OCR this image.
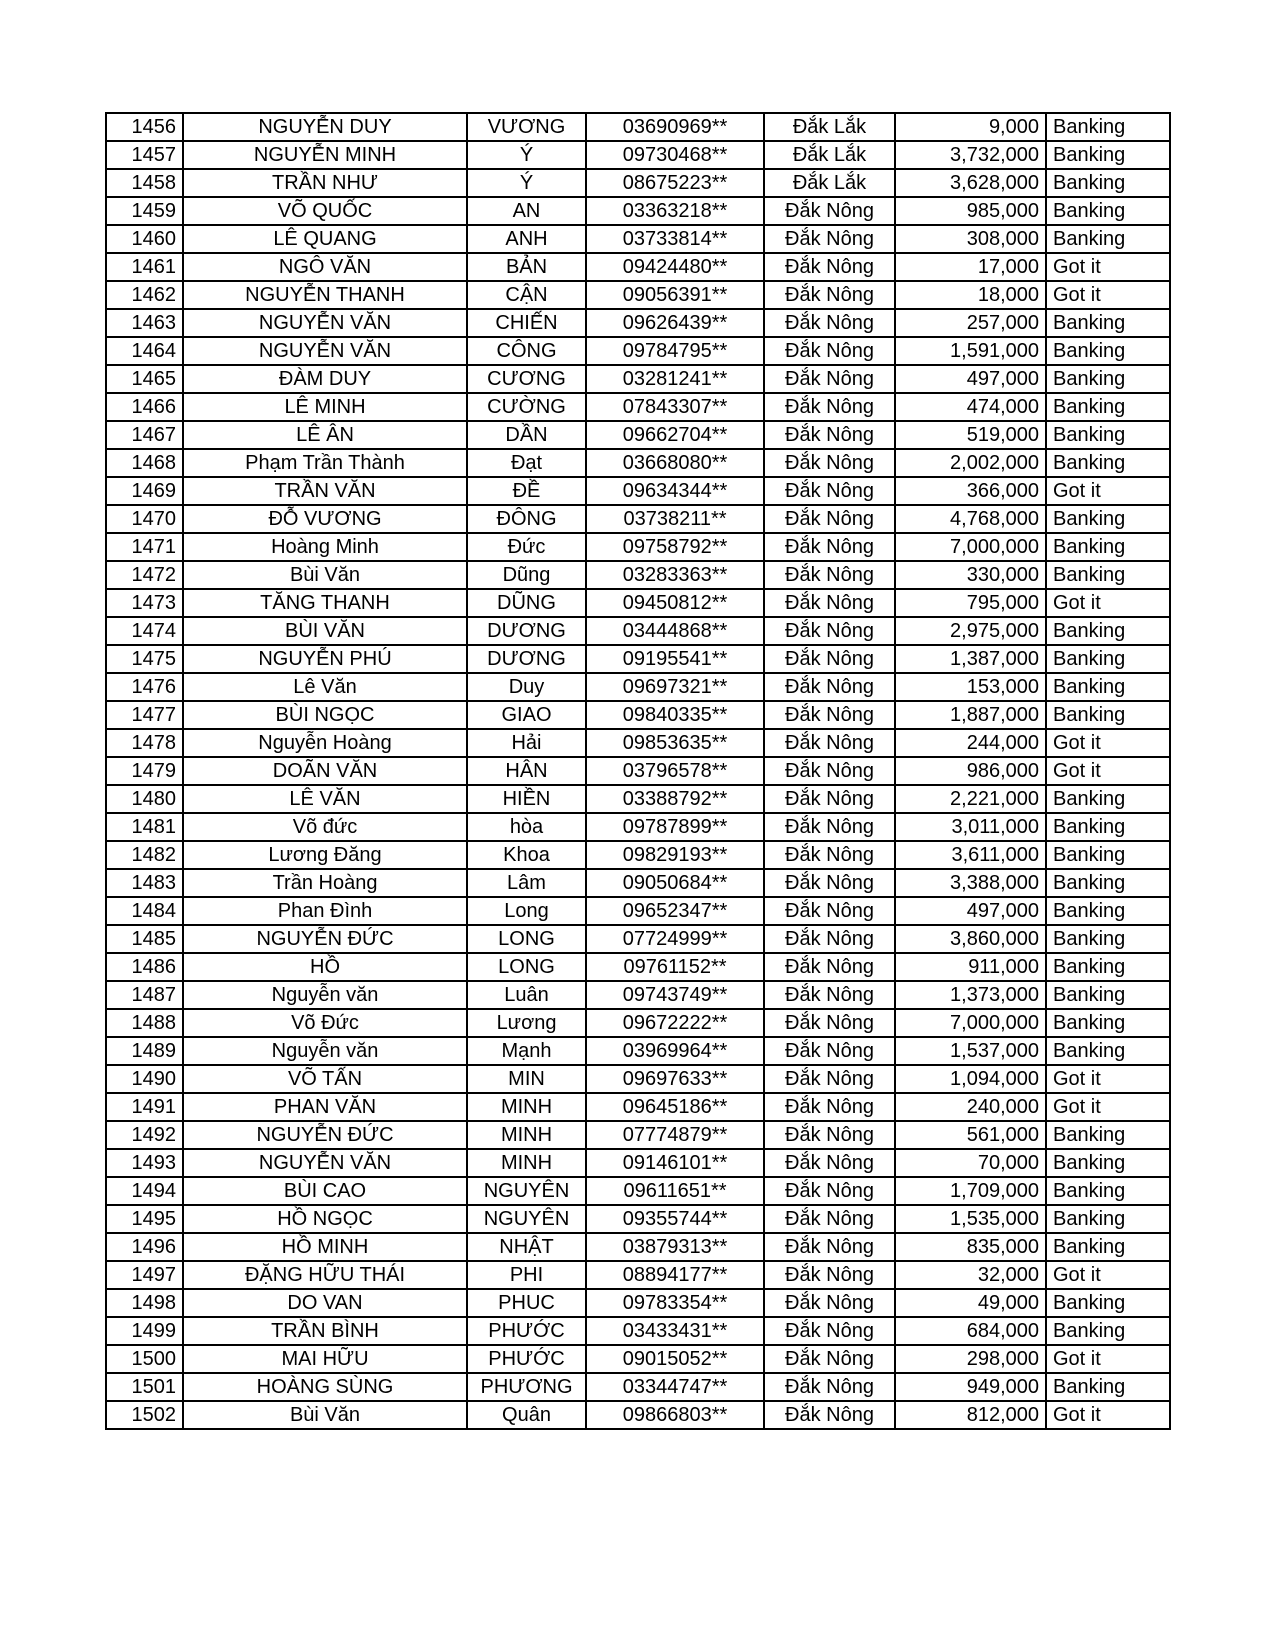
1456	NGUYỄN DUY	VƯƠNG	03690969**	Đắk Lắk	9,000	Banking
1457	NGUYỄN MINH	Ý	09730468**	Đắk Lắk	3,732,000	Banking
1458	TRẦN NHƯ	Ý	08675223**	Đắk Lắk	3,628,000	Banking
1459	VÕ QUỐC	AN	03363218**	Đắk Nông	985,000	Banking
1460	LÊ QUANG	ANH	03733814**	Đắk Nông	308,000	Banking
1461	NGÔ VĂN	BẢN	09424480**	Đắk Nông	17,000	Got it
1462	NGUYỄN THANH	CẬN	09056391**	Đắk Nông	18,000	Got it
1463	NGUYỄN VĂN	CHIẾN	09626439**	Đắk Nông	257,000	Banking
1464	NGUYỄN VĂN	CÔNG	09784795**	Đắk Nông	1,591,000	Banking
1465	ĐÀM DUY	CƯƠNG	03281241**	Đắk Nông	497,000	Banking
1466	LÊ MINH	CƯỜNG	07843307**	Đắk Nông	474,000	Banking
1467	LÊ ÂN	DẦN	09662704**	Đắk Nông	519,000	Banking
1468	Phạm Trần Thành	Đạt	03668080**	Đắk Nông	2,002,000	Banking
1469	TRẦN VĂN	ĐỀ	09634344**	Đắk Nông	366,000	Got it
1470	ĐỖ VƯƠNG	ĐÔNG	03738211**	Đắk Nông	4,768,000	Banking
1471	Hoàng Minh	Đức	09758792**	Đắk Nông	7,000,000	Banking
1472	Bùi Văn	Dũng	03283363**	Đắk Nông	330,000	Banking
1473	TĂNG THANH	DŨNG	09450812**	Đắk Nông	795,000	Got it
1474	BÙI VĂN	DƯƠNG	03444868**	Đắk Nông	2,975,000	Banking
1475	NGUYỄN PHÚ	DƯƠNG	09195541**	Đắk Nông	1,387,000	Banking
1476	Lê Văn	Duy	09697321**	Đắk Nông	153,000	Banking
1477	BÙI NGỌC	GIAO	09840335**	Đắk Nông	1,887,000	Banking
1478	Nguyễn Hoàng	Hải	09853635**	Đắk Nông	244,000	Got it
1479	DOÃN VĂN	HÂN	03796578**	Đắk Nông	986,000	Got it
1480	LÊ VĂN	HIỀN	03388792**	Đắk Nông	2,221,000	Banking
1481	Võ đức	hòa	09787899**	Đắk Nông	3,011,000	Banking
1482	Lương Đăng	Khoa	09829193**	Đắk Nông	3,611,000	Banking
1483	Trần Hoàng	Lâm	09050684**	Đắk Nông	3,388,000	Banking
1484	Phan Đình	Long	09652347**	Đắk Nông	497,000	Banking
1485	NGUYỄN ĐỨC	LONG	07724999**	Đắk Nông	3,860,000	Banking
1486	HỒ	LONG	09761152**	Đắk Nông	911,000	Banking
1487	Nguyễn văn	Luân	09743749**	Đắk Nông	1,373,000	Banking
1488	Võ Đức	Lương	09672222**	Đắk Nông	7,000,000	Banking
1489	Nguyễn văn	Mạnh	03969964**	Đắk Nông	1,537,000	Banking
1490	VÕ TẤN	MIN	09697633**	Đắk Nông	1,094,000	Got it
1491	PHAN VĂN	MINH	09645186**	Đắk Nông	240,000	Got it
1492	NGUYỄN ĐỨC	MINH	07774879**	Đắk Nông	561,000	Banking
1493	NGUYỄN VĂN	MINH	09146101**	Đắk Nông	70,000	Banking
1494	BÙI CAO	NGUYÊN	09611651**	Đắk Nông	1,709,000	Banking
1495	HỒ NGỌC	NGUYÊN	09355744**	Đắk Nông	1,535,000	Banking
1496	HỒ MINH	NHẬT	03879313**	Đắk Nông	835,000	Banking
1497	ĐẶNG HỮU THÁI	PHI	08894177**	Đắk Nông	32,000	Got it
1498	DO VAN	PHUC	09783354**	Đắk Nông	49,000	Banking
1499	TRẦN BÌNH	PHƯỚC	03433431**	Đắk Nông	684,000	Banking
1500	MAI HỮU	PHƯỚC	09015052**	Đắk Nông	298,000	Got it
1501	HOÀNG SÙNG	PHƯƠNG	03344747**	Đắk Nông	949,000	Banking
1502	Bùi Văn	Quân	09866803**	Đắk Nông	812,000	Got it
